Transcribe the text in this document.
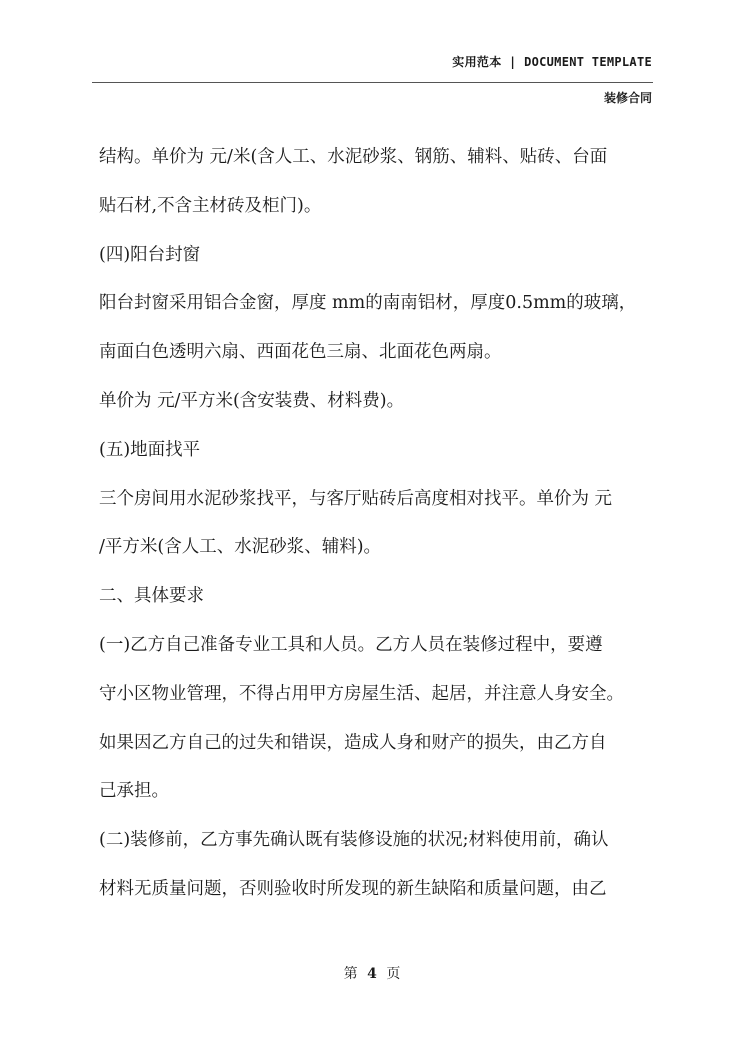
实用范本 | DOCUMENT TEMPLATE
装修合同
结构。单价为 元/米(含人工、水泥砂浆、钢筋、辅料、贴砖、台面
贴石材,不含主材砖及柜门)。
(四)阳台封窗
阳台封窗采用铝合金窗，厚度 mm的南南铝材，厚度0.5mm的玻璃，
南面白色透明六扇、西面花色三扇、北面花色两扇。
单价为 元/平方米(含安装费、材料费)。
(五)地面找平
三个房间用水泥砂浆找平，与客厅贴砖后高度相对找平。单价为 元
/平方米(含人工、水泥砂浆、辅料)。
二、具体要求
(一)乙方自己准备专业工具和人员。乙方人员在装修过程中，要遵
守小区物业管理，不得占用甲方房屋生活、起居，并注意人身安全。
如果因乙方自己的过失和错误，造成人身和财产的损失，由乙方自
己承担。
(二)装修前，乙方事先确认既有装修设施的状况;材料使用前，确认
材料无质量问题，否则验收时所发现的新生缺陷和质量问题，由乙
第 4 页
